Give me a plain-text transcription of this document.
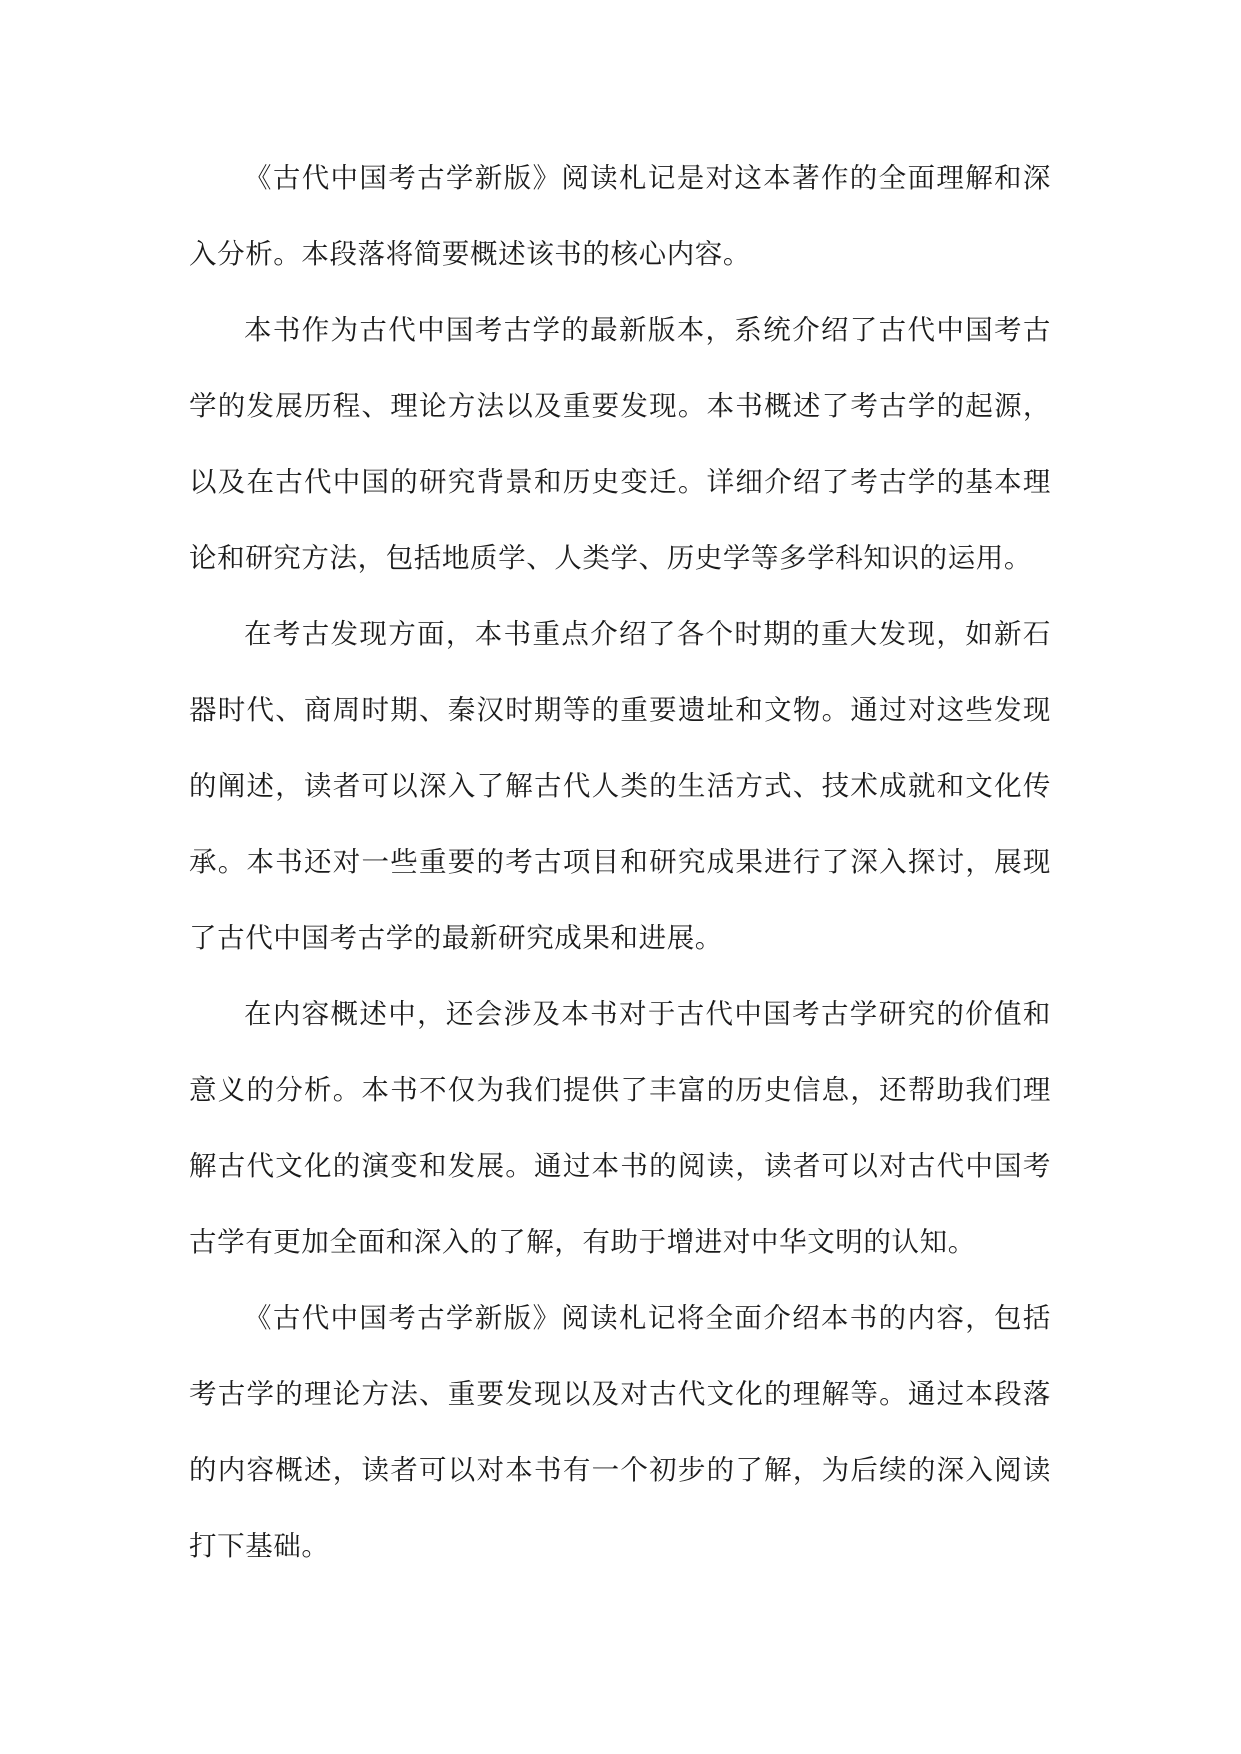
《古代中国考古学新版》阅读札记是对这本著作的全面理解和深入分析。本段落将简要概述该书的核心内容。

本书作为古代中国考古学的最新版本，系统介绍了古代中国考古学的发展历程、理论方法以及重要发现。本书概述了考古学的起源，以及在古代中国的研究背景和历史变迁。详细介绍了考古学的基本理论和研究方法，包括地质学、人类学、历史学等多学科知识的运用。

在考古发现方面，本书重点介绍了各个时期的重大发现，如新石器时代、商周时期、秦汉时期等的重要遗址和文物。通过对这些发现的阐述，读者可以深入了解古代人类的生活方式、技术成就和文化传承。本书还对一些重要的考古项目和研究成果进行了深入探讨，展现了古代中国考古学的最新研究成果和进展。

在内容概述中，还会涉及本书对于古代中国考古学研究的价值和意义的分析。本书不仅为我们提供了丰富的历史信息，还帮助我们理解古代文化的演变和发展。通过本书的阅读，读者可以对古代中国考古学有更加全面和深入的了解，有助于增进对中华文明的认知。

《古代中国考古学新版》阅读札记将全面介绍本书的内容，包括考古学的理论方法、重要发现以及对古代文化的理解等。通过本段落的内容概述，读者可以对本书有一个初步的了解，为后续的深入阅读打下基础。
